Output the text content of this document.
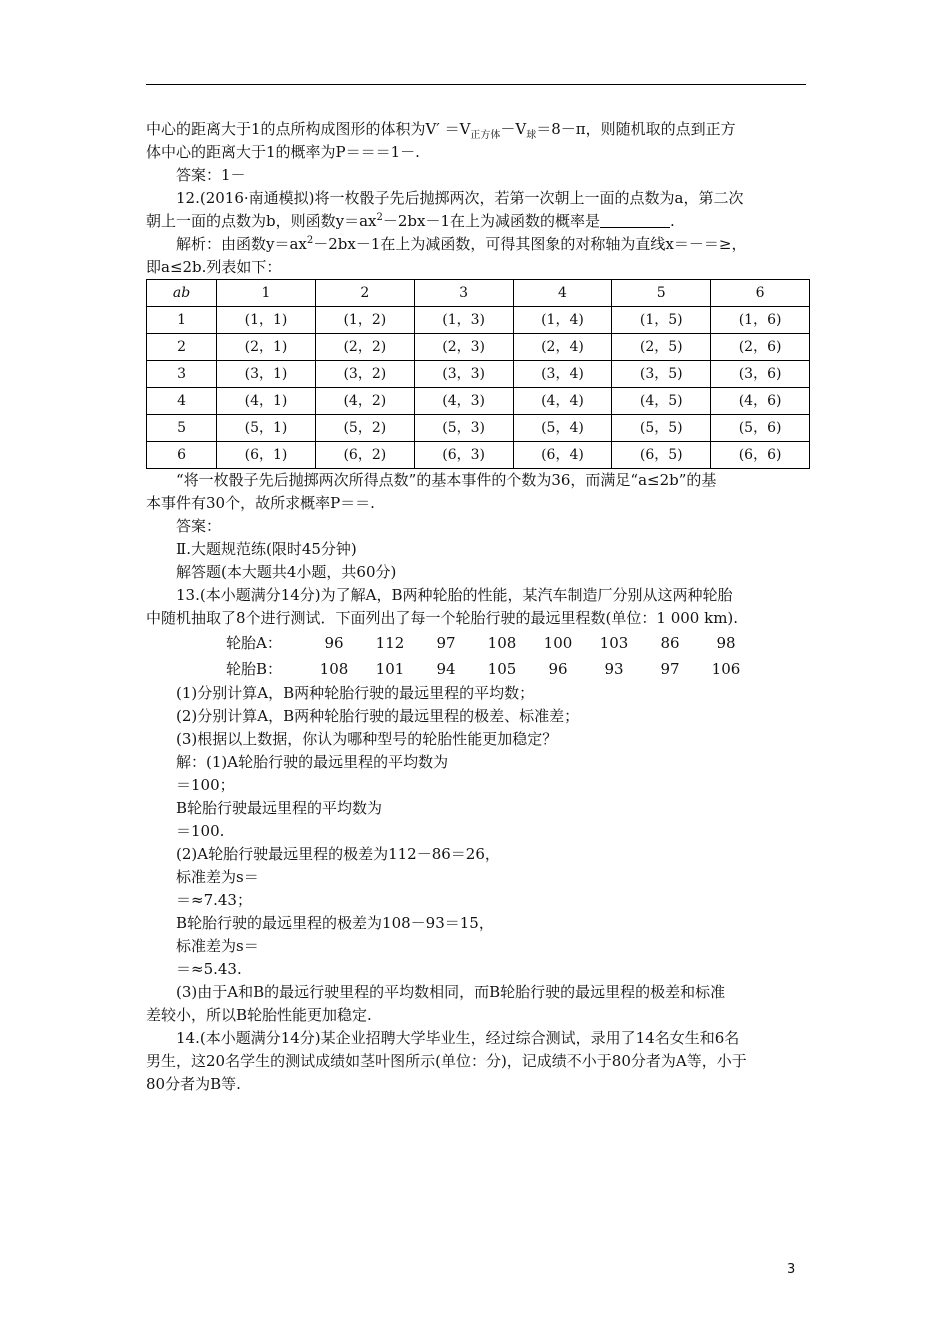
中心的距离大于1的点所构成图形的体积为$V' =V_{正方体}-V_球=8-\pi$，则随机取的点到正方

体中心的距离大于1的概率为P＝＝＝1－.

答案：1－

12.(2016·南通模拟)将一枚骰子先后抛掷两次，若第一次朝上一面的点数为a，第二次

朝上一面的点数为b，则函数$y=ax^2-2bx-1$在上为减函数的概率是	.

解析：由函数$y=ax^2-2bx-1$在上为减函数，可得其图象的对称轴为直线x＝－＝≥，

即a≤2b.列表如下：

ab	1	2	3	4	5	6
1	(1，1)	(1，2)	(1，3)	(1，4)	(1，5)	(1，6)
2	(2，1)	(2，2)	(2，3)	(2，4)	(2，5)	(2，6)
3	(3，1)	(3，2)	(3，3)	(3，4)	(3，5)	(3，6)
4	(4，1)	(4，2)	(4，3)	(4，4)	(4，5)	(4，6)
5	(5，1)	(5，2)	(5，3)	(5，4)	(5，5)	(5，6)
6	(6，1)	(6，2)	(6，3)	(6，4)	(6，5)	(6，6)

“将一枚骰子先后抛掷两次所得点数”的基本事件的个数为36，而满足“a≤2b”的基

本事件有30个，故所求概率P＝＝.

答案：

Ⅱ.大题规范练(限时45分钟)

解答题(本大题共4小题，共60分)

13.(本小题满分14分)为了解A，B两种轮胎的性能，某汽车制造厂分别从这两种轮胎

中随机抽取了8个进行测试．下面列出了每一个轮胎行驶的最远里程数(单位：1 000 km).

轮胎A：	96	112	97	108	100	103	86	98
轮胎B：	108	101	94	105	96	93	97	106

(1)分别计算A，B两种轮胎行驶的最远里程的平均数；

(2)分别计算A，B两种轮胎行驶的最远里程的极差、标准差；

(3)根据以上数据，你认为哪种型号的轮胎性能更加稳定？

解：(1)A轮胎行驶的最远里程的平均数为

＝100；

B轮胎行驶最远里程的平均数为

＝100.

(2)A轮胎行驶最远里程的极差为112－86＝26，

标准差为s＝

＝≈7.43；

B轮胎行驶的最远里程的极差为108－93＝15，

标准差为s＝

＝≈5.43.

(3)由于A和B的最远行驶里程的平均数相同，而B轮胎行驶的最远里程的极差和标准

差较小，所以B轮胎性能更加稳定.

14.(本小题满分14分)某企业招聘大学毕业生，经过综合测试，录用了14名女生和6名

男生，这20名学生的测试成绩如茎叶图所示(单位：分)，记成绩不小于80分者为A等，小于

80分者为B等.

3
